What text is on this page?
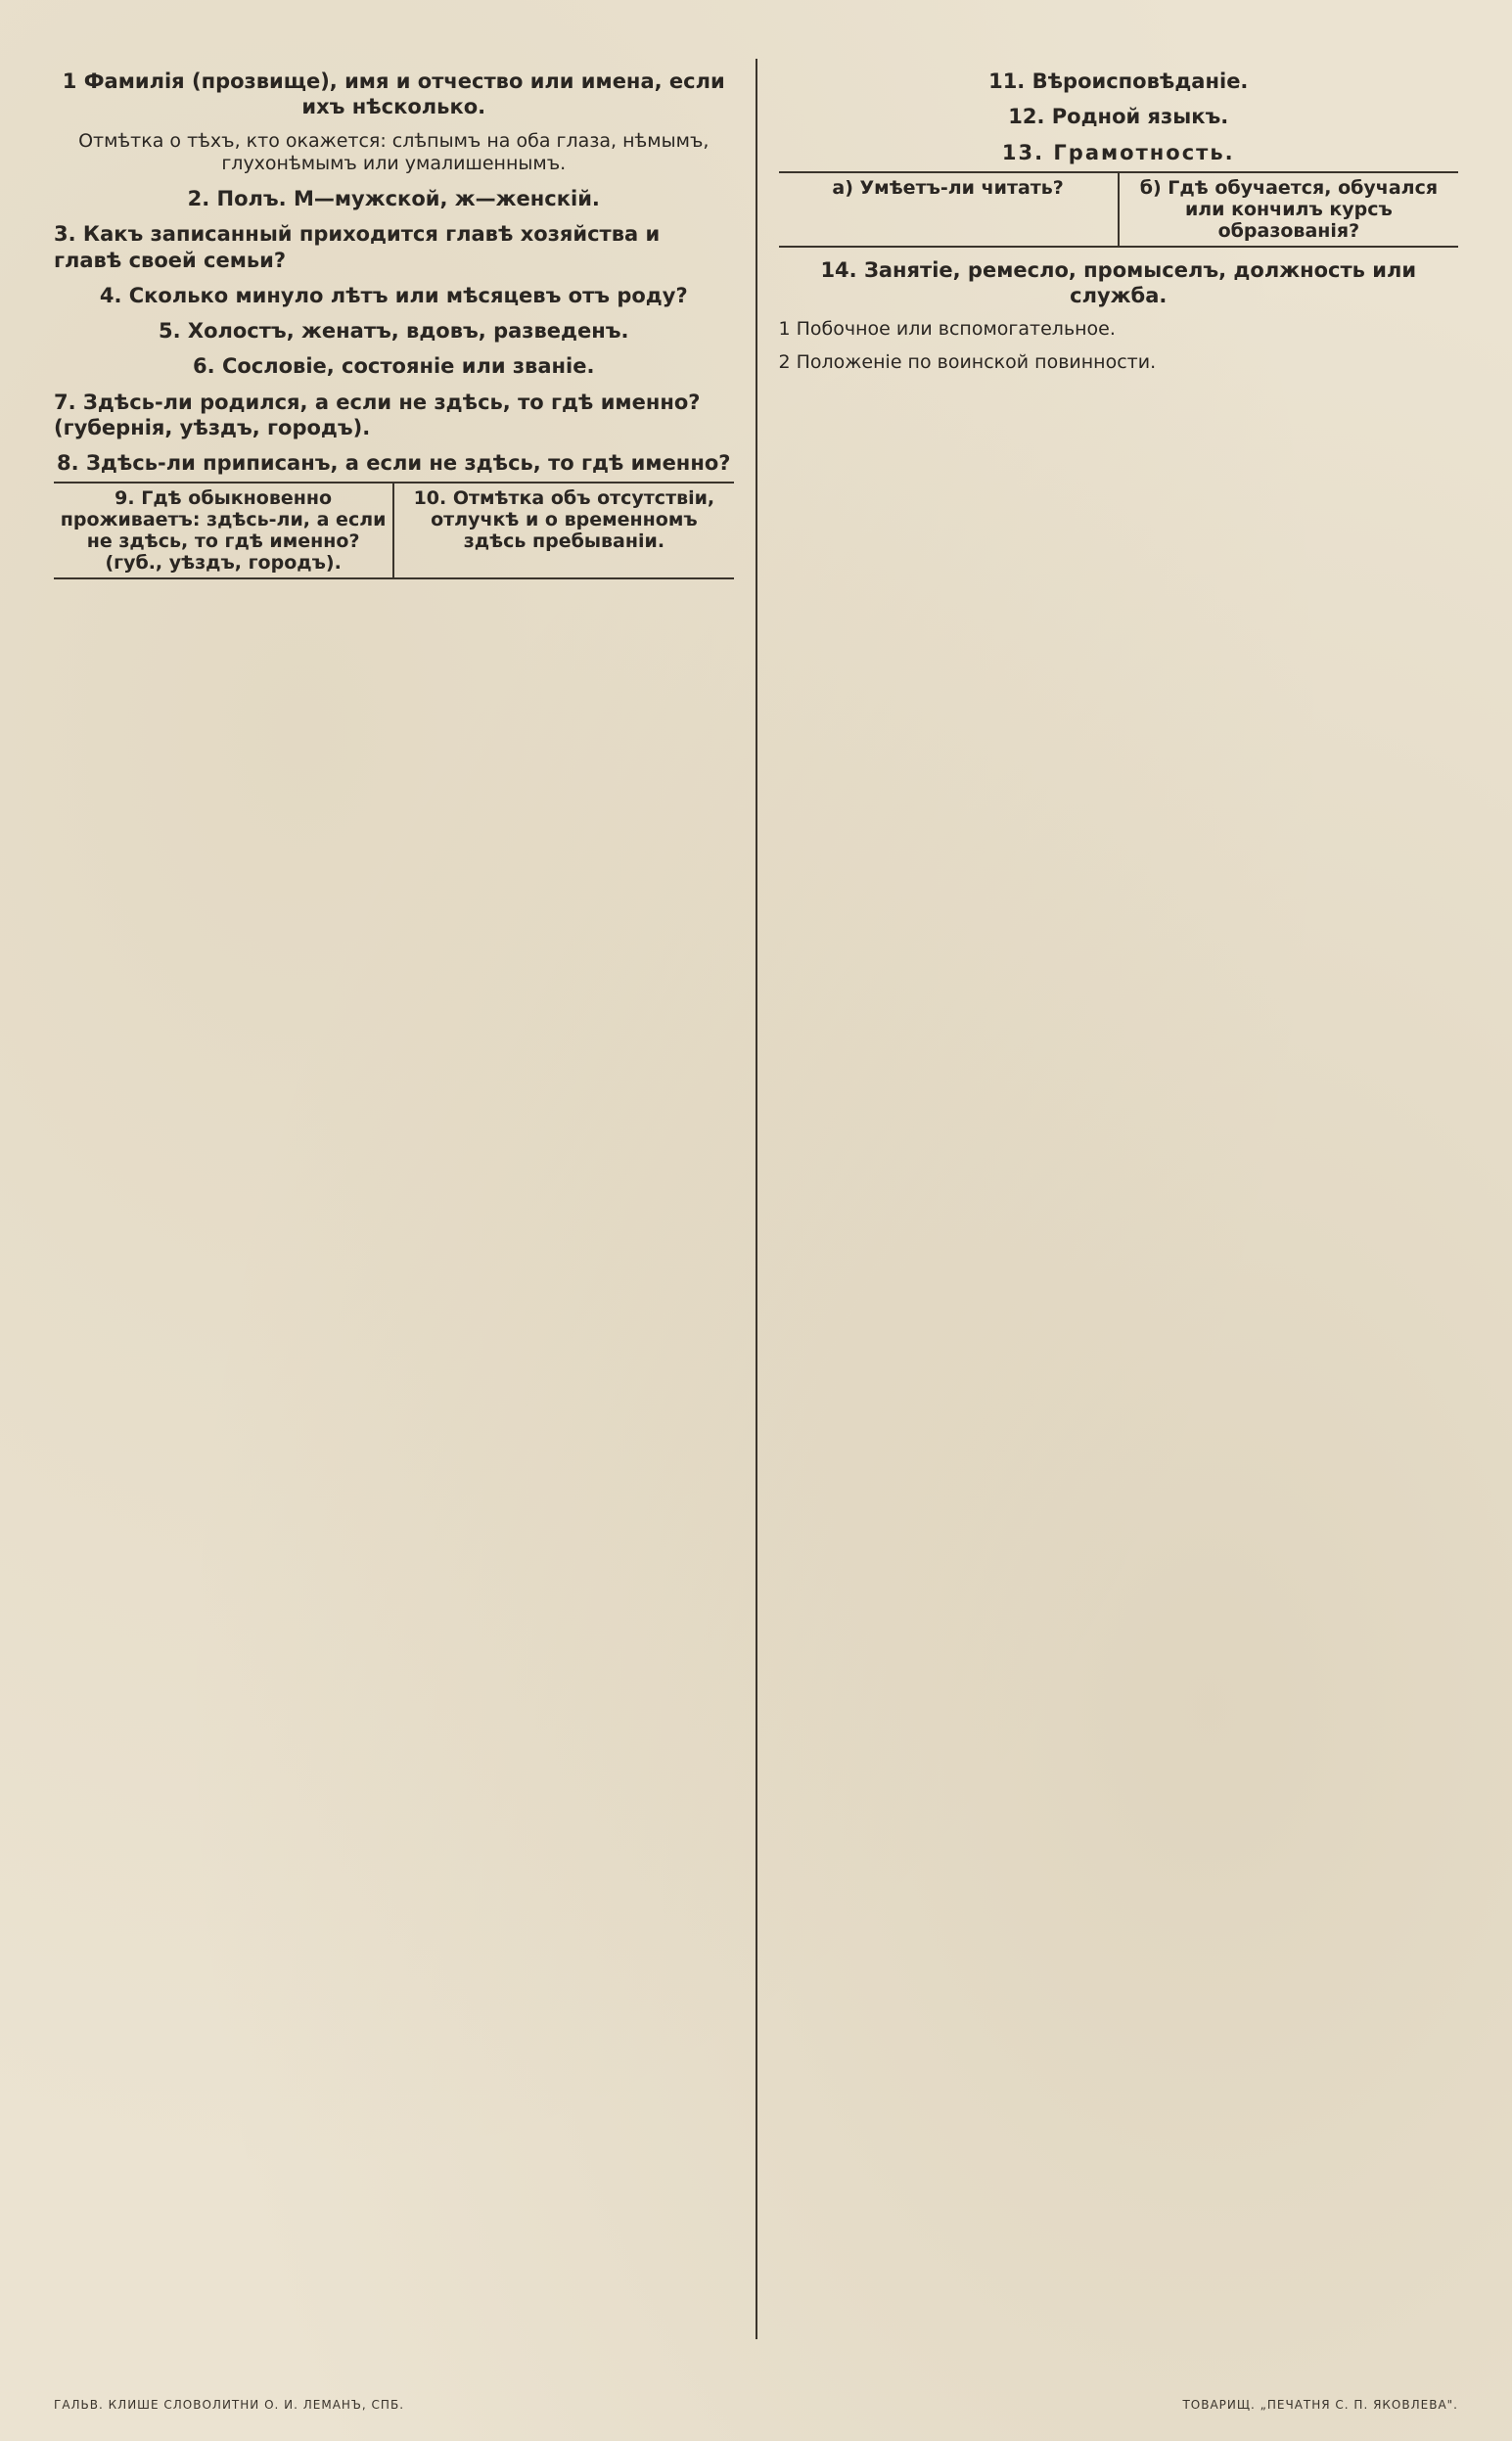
1 Фамилія (прозвище), имя и отчество или имена, если ихъ нѣсколько.
Отмѣтка о тѣхъ, кто окажется: слѣпымъ на оба глаза, нѣмымъ, глухонѣмымъ или умалишеннымъ.
2. Полъ. М—мужской, ж—женскій.
3. Какъ записанный приходится главѣ хозяйства и главѣ своей семьи?
4. Сколько минуло лѣтъ или мѣсяцевъ отъ роду?
5. Холостъ, женатъ, вдовъ, разведенъ.
6. Сословіе, состояніе или званіе.
7. Здѣсь-ли родился, а если не здѣсь, то гдѣ именно? (губернія, уѣздъ, городъ).
8. Здѣсь-ли приписанъ, а если не здѣсь, то гдѣ именно?
9. Гдѣ обыкновенно проживаетъ: здѣсь-ли, а если не здѣсь, то гдѣ именно? (губ., уѣздъ, городъ).
10. Отмѣтка объ отсутствіи, отлучкѣ и о временномъ здѣсь пребываніи.
11. Вѣроисповѣданіе.
12. Родной языкъ.
13. Грамотность.
а) Умѣетъ-ли читать?	б) Гдѣ обучается, обучался или кончилъ курсъ образованія?
14. Занятіе, ремесло, промыселъ, должность или служба.
1 Побочное или вспомогательное.
2 Положеніе по воинской повинности.
ГАЛЬВ. КЛИШЕ СЛОВОЛИТНИ О. И. ЛЕМАНЪ, СПБ.	ТОВАРИЩ. „ПЕЧАТНЯ С. П. ЯКОВЛЕВА".
